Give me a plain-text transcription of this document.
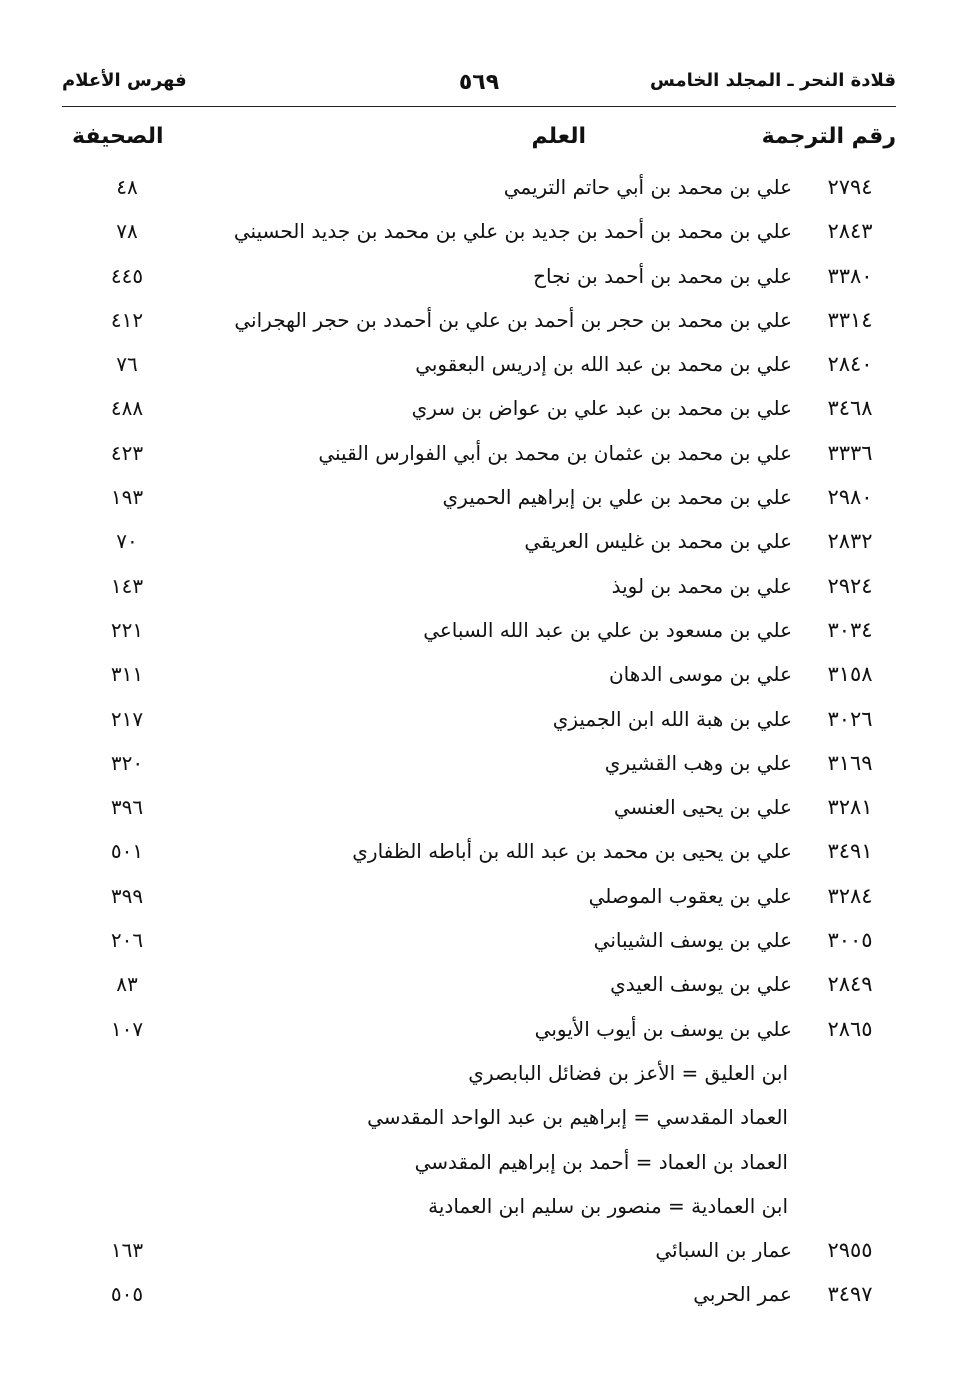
قلادة النحر ـ المجلد الخامس
٥٦٩
فهرس الأعلام
رقم الترجمة
العلم
الصحيفة
٢٧٩٤
علي بن محمد بن أبي حاتم التريمي
٤٨
٢٨٤٣
علي بن محمد بن أحمد بن جديد بن علي بن محمد بن جديد الحسيني
٧٨
٣٣٨٠
علي بن محمد بن أحمد بن نجاح
٤٤٥
٣٣١٤
علي بن محمد بن حجر بن أحمد بن علي بن أحمدد بن حجر الهجراني
٤١٢
٢٨٤٠
علي بن محمد بن عبد الله بن إدريس البعقوبي
٧٦
٣٤٦٨
علي بن محمد بن عبد علي بن عواض بن سري
٤٨٨
٣٣٣٦
علي بن محمد بن عثمان بن محمد بن أبي الفوارس القيني
٤٢٣
٢٩٨٠
علي بن محمد بن علي بن إبراهيم الحميري
١٩٣
٢٨٣٢
علي بن محمد بن غليس العريقي
٧٠
٢٩٢٤
علي بن محمد بن لويذ
١٤٣
٣٠٣٤
علي بن مسعود بن علي بن عبد الله السباعي
٢٢١
٣١٥٨
علي بن موسى الدهان
٣١١
٣٠٢٦
علي بن هبة الله ابن الجميزي
٢١٧
٣١٦٩
علي بن وهب القشيري
٣٢٠
٣٢٨١
علي بن يحيى العنسي
٣٩٦
٣٤٩١
علي بن يحيى بن محمد بن عبد الله بن أباطه الظفاري
٥٠١
٣٢٨٤
علي بن يعقوب الموصلي
٣٩٩
٣٠٠٥
علي بن يوسف الشيباني
٢٠٦
٢٨٤٩
علي بن يوسف العيدي
٨٣
٢٨٦٥
علي بن يوسف بن أيوب الأيوبي
١٠٧
ابن العليق = الأعز بن فضائل البابصري
العماد المقدسي = إبراهيم بن عبد الواحد المقدسي
العماد بن العماد = أحمد بن إبراهيم المقدسي
ابن العمادية = منصور بن سليم ابن العمادية
٢٩٥٥
عمار بن السبائي
١٦٣
٣٤٩٧
عمر الحربي
٥٠٥
